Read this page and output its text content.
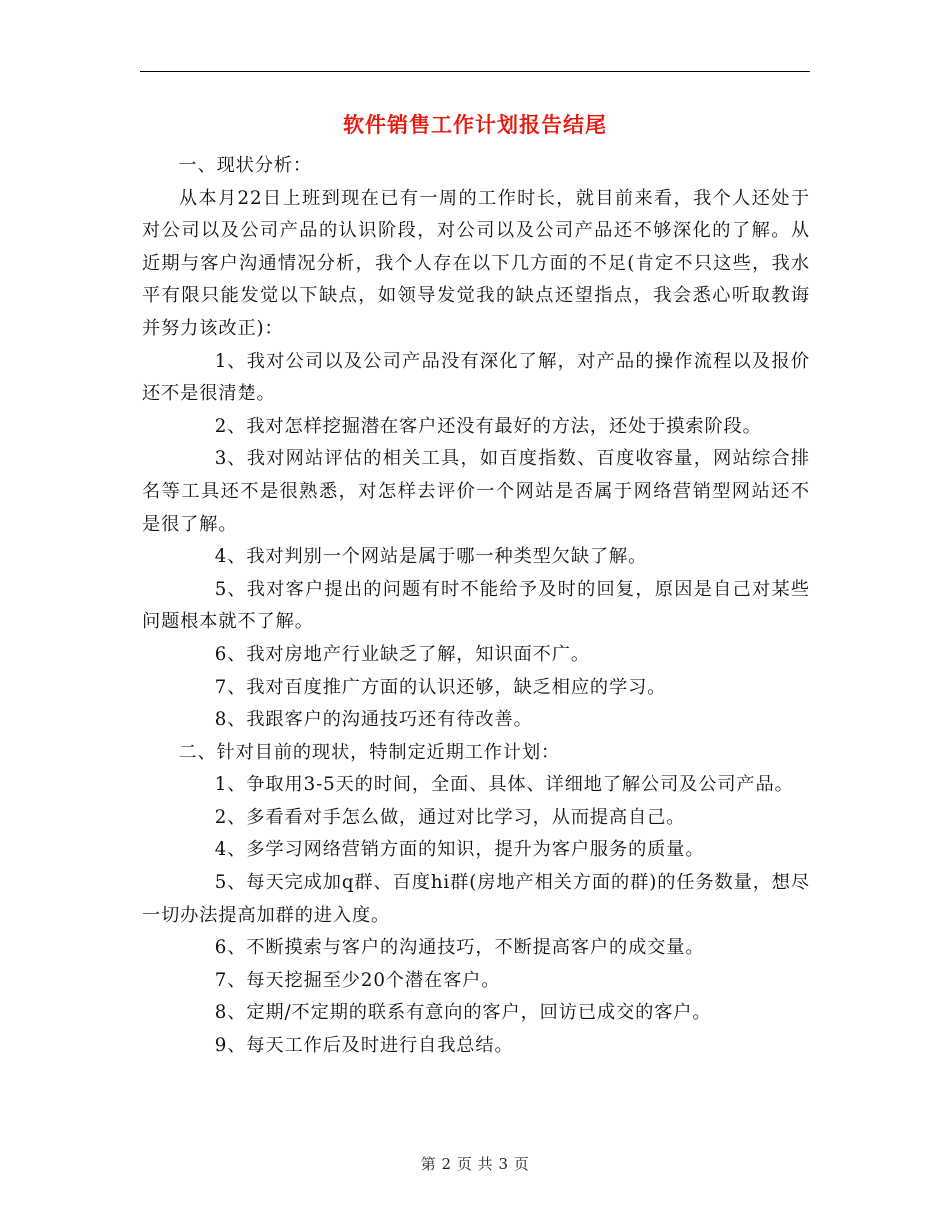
软件销售工作计划报告结尾

一、现状分析：

从本月22日上班到现在已有一周的工作时长，就目前来看，我个人还处于对公司以及公司产品的认识阶段，对公司以及公司产品还不够深化的了解。从近期与客户沟通情况分析，我个人存在以下几方面的不足(肯定不只这些，我水平有限只能发觉以下缺点，如领导发觉我的缺点还望指点，我会悉心听取教诲并努力该改正)：

1、我对公司以及公司产品没有深化了解，对产品的操作流程以及报价还不是很清楚。

2、我对怎样挖掘潜在客户还没有最好的方法，还处于摸索阶段。

3、我对网站评估的相关工具，如百度指数、百度收容量，网站综合排名等工具还不是很熟悉，对怎样去评价一个网站是否属于网络营销型网站还不是很了解。

4、我对判别一个网站是属于哪一种类型欠缺了解。

5、我对客户提出的问题有时不能给予及时的回复，原因是自己对某些问题根本就不了解。

6、我对房地产行业缺乏了解，知识面不广。

7、我对百度推广方面的认识还够，缺乏相应的学习。

8、我跟客户的沟通技巧还有待改善。

二、针对目前的现状，特制定近期工作计划：

1、争取用3-5天的时间，全面、具体、详细地了解公司及公司产品。

2、多看看对手怎么做，通过对比学习，从而提高自己。

4、多学习网络营销方面的知识，提升为客户服务的质量。

5、每天完成加q群、百度hi群(房地产相关方面的群)的任务数量，想尽一切办法提高加群的进入度。

6、不断摸索与客户的沟通技巧，不断提高客户的成交量。

7、每天挖掘至少20个潜在客户。

8、定期/不定期的联系有意向的客户，回访已成交的客户。

9、每天工作后及时进行自我总结。

第 2 页 共 3 页
